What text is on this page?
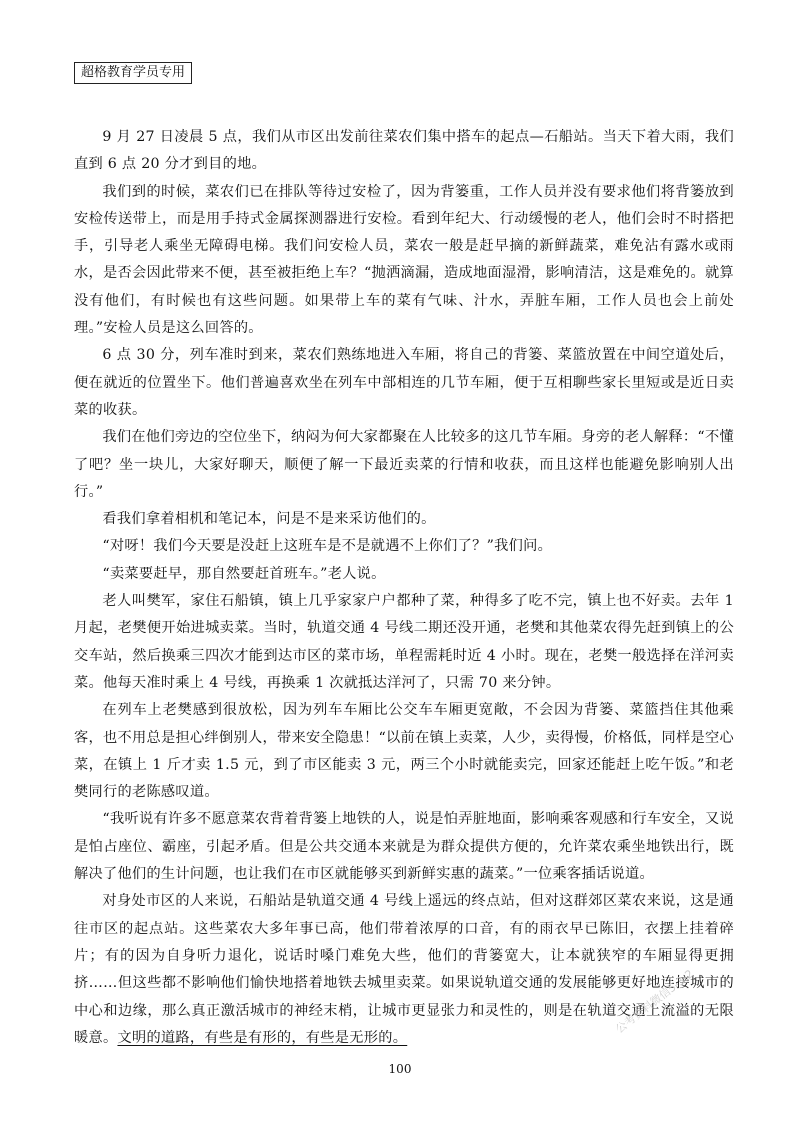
超格教育学员专用

9 月 27 日凌晨 5 点，我们从市区出发前往菜农们集中搭车的起点—石船站。当天下着大雨，我们直到 6 点 20 分才到目的地。

我们到的时候，菜农们已在排队等待过安检了，因为背篓重，工作人员并没有要求他们将背篓放到安检传送带上，而是用手持式金属探测器进行安检。看到年纪大、行动缓慢的老人，他们会时不时搭把手，引导老人乘坐无障碍电梯。我们问安检人员，菜农一般是赶早摘的新鲜蔬菜，难免沾有露水或雨水，是否会因此带来不便，甚至被拒绝上车？“抛洒滴漏，造成地面湿滑，影响清洁，这是难免的。就算没有他们，有时候也有这些问题。如果带上车的菜有气味、汁水，弄脏车厢，工作人员也会上前处理。”安检人员是这么回答的。

6 点 30 分，列车准时到来，菜农们熟练地进入车厢，将自己的背篓、菜篮放置在中间空道处后，便在就近的位置坐下。他们普遍喜欢坐在列车中部相连的几节车厢，便于互相聊些家长里短或是近日卖菜的收获。

我们在他们旁边的空位坐下，纳闷为何大家都聚在人比较多的这几节车厢。身旁的老人解释：“不懂了吧？坐一块儿，大家好聊天，顺便了解一下最近卖菜的行情和收获，而且这样也能避免影响别人出行。”

看我们拿着相机和笔记本，问是不是来采访他们的。

“对呀！我们今天要是没赶上这班车是不是就遇不上你们了？”我们问。

“卖菜要赶早，那自然要赶首班车。”老人说。

老人叫樊军，家住石船镇，镇上几乎家家户户都种了菜，种得多了吃不完，镇上也不好卖。去年 1 月起，老樊便开始进城卖菜。当时，轨道交通 4 号线二期还没开通，老樊和其他菜农得先赶到镇上的公交车站，然后换乘三四次才能到达市区的菜市场，单程需耗时近 4 小时。现在，老樊一般选择在洋河卖菜。他每天准时乘上 4 号线，再换乘 1 次就抵达洋河了，只需 70 来分钟。

在列车上老樊感到很放松，因为列车车厢比公交车车厢更宽敞，不会因为背篓、菜篮挡住其他乘客，也不用总是担心绊倒别人，带来安全隐患！“以前在镇上卖菜，人少，卖得慢，价格低，同样是空心菜，在镇上 1 斤才卖 1.5 元，到了市区能卖 3 元，两三个小时就能卖完，回家还能赶上吃午饭。”和老樊同行的老陈感叹道。

“我听说有许多不愿意菜农背着背篓上地铁的人，说是怕弄脏地面，影响乘客观感和行车安全，又说是怕占座位、霸座，引起矛盾。但是公共交通本来就是为群众提供方便的，允许菜农乘坐地铁出行，既解决了他们的生计问题，也让我们在市区就能够买到新鲜实惠的蔬菜。”一位乘客插话说道。

对身处市区的人来说，石船站是轨道交通 4 号线上遥远的终点站，但对这群郊区菜农来说，这是通往市区的起点站。这些菜农大多年事已高，他们带着浓厚的口音，有的雨衣早已陈旧，衣摆上挂着碎片；有的因为自身听力退化，说话时嗓门难免大些，他们的背篓宽大，让本就狭窄的车厢显得更拥挤……但这些都不影响他们愉快地搭着地铁去城里卖菜。如果说轨道交通的发展能够更好地连接城市的中心和边缘，那么真正激活城市的神经末梢，让城市更显张力和灵性的，则是在轨道交通上流溢的无限暖意。文明的道路，有些是有形的，有些是无形的。

公考资料微信5-3-2
100
